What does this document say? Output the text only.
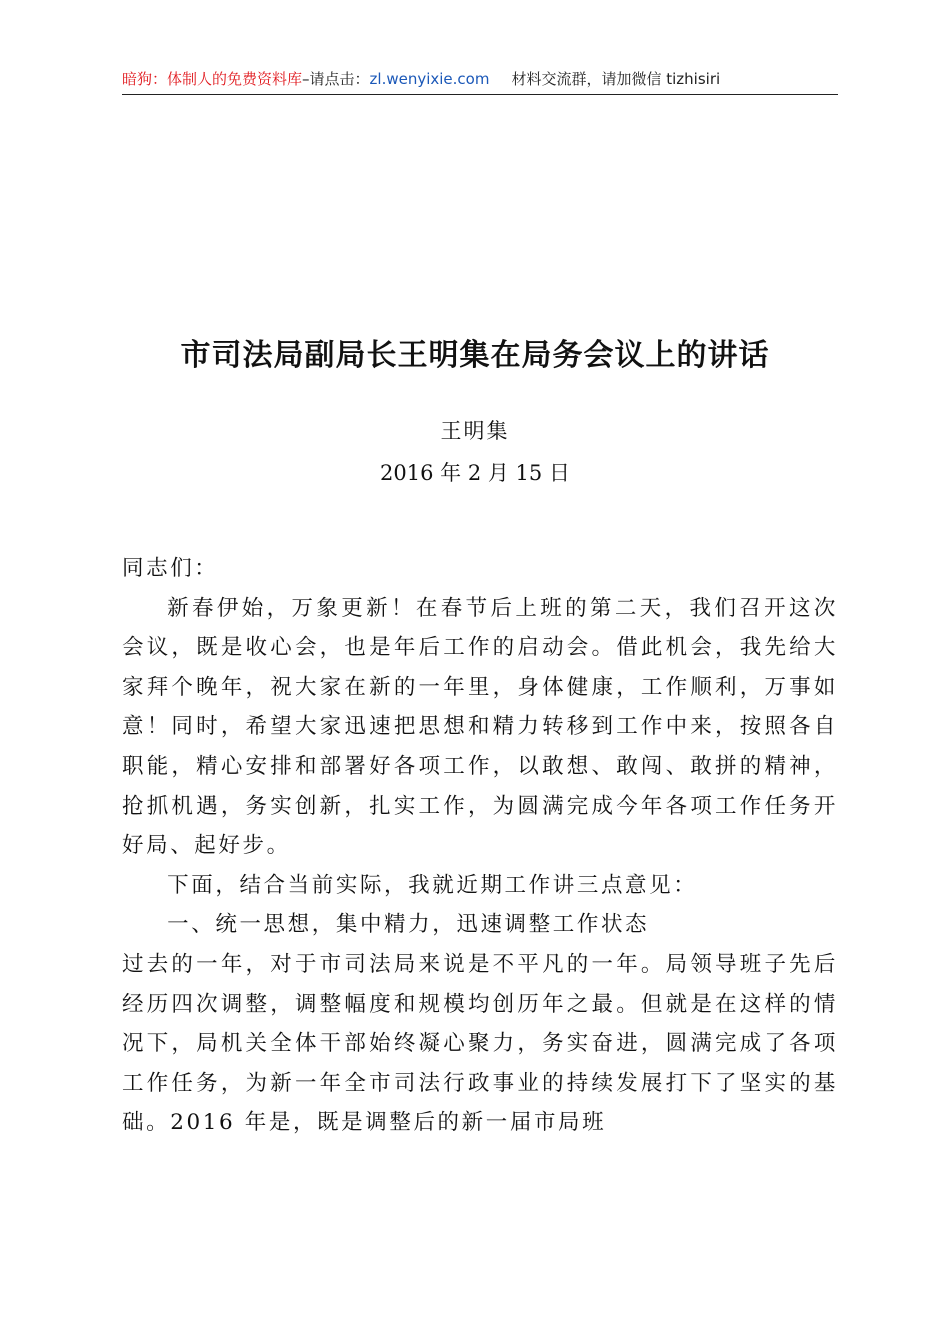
暗狗：体制人的免费资料库–请点击：zl.wenyixie.com 材料交流群，请加微信 tizhisiri
市司法局副局长王明集在局务会议上的讲话
王明集
2016 年 2 月 15 日

同志们：

新春伊始，万象更新！在春节后上班的第二天，我们召开这次会议，既是收心会，也是年后工作的启动会。借此机会，我先给大家拜个晚年，祝大家在新的一年里，身体健康，工作顺利，万事如意！同时，希望大家迅速把思想和精力转移到工作中来，按照各自职能，精心安排和部署好各项工作，以敢想、敢闯、敢拼的精神，抢抓机遇，务实创新，扎实工作，为圆满完成今年各项工作任务开好局、起好步。

下面，结合当前实际，我就近期工作讲三点意见：

一、统一思想，集中精力，迅速调整工作状态

过去的一年，对于市司法局来说是不平凡的一年。局领导班子先后经历四次调整，调整幅度和规模均创历年之最。但就是在这样的情况下，局机关全体干部始终凝心聚力，务实奋进，圆满完成了各项工作任务，为新一年全市司法行政事业的持续发展打下了坚实的基础。2016 年是，既是调整后的新一届市局班
